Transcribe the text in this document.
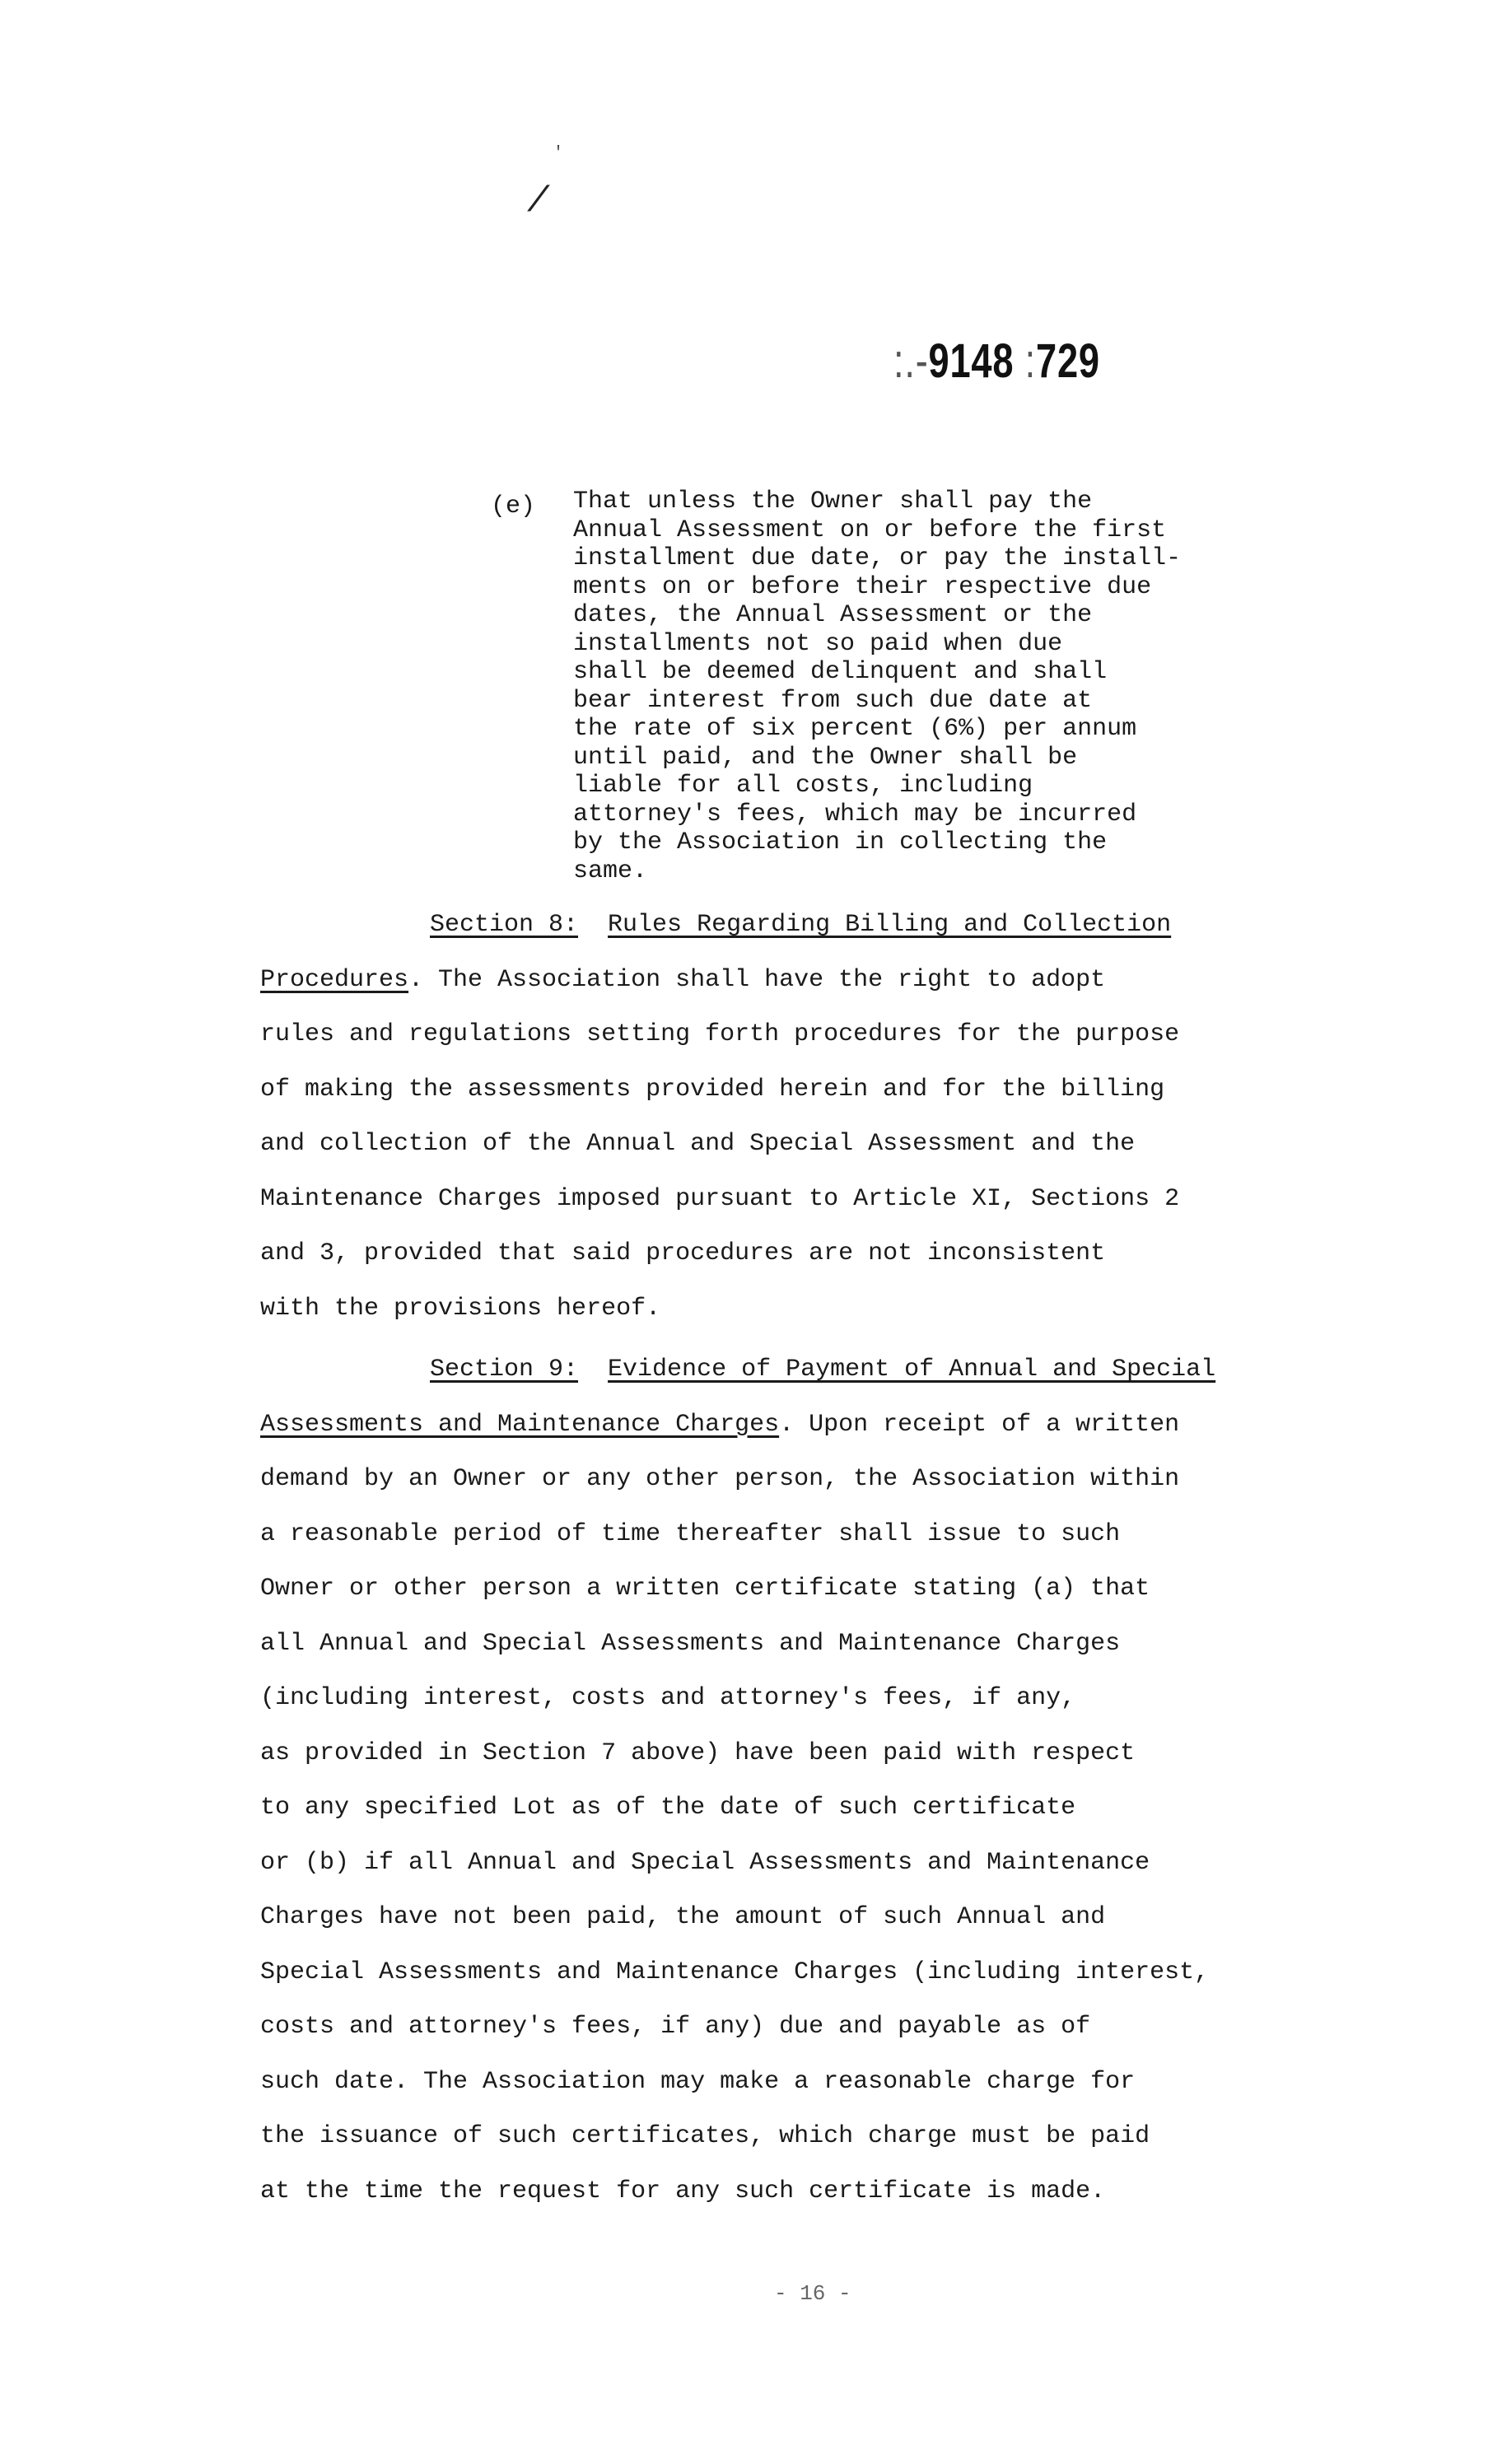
'
/
:.-9148 :729
(e) That unless the Owner shall pay the
Annual Assessment on or before the first
installment due date, or pay the install-
ments on or before their respective due
dates, the Annual Assessment or the
installments not so paid when due
shall be deemed delinquent and shall
bear interest from such due date at
the rate of six percent (6%) per annum
until paid, and the Owner shall be
liable for all costs, including
attorney's fees, which may be incurred
by the Association in collecting the
same.
Section 8: Rules Regarding Billing and Collection
Procedures. The Association shall have the right to adopt
rules and regulations setting forth procedures for the purpose
of making the assessments provided herein and for the billing
and collection of the Annual and Special Assessment and the
Maintenance Charges imposed pursuant to Article XI, Sections 2
and 3, provided that said procedures are not inconsistent
with the provisions hereof.
Section 9: Evidence of Payment of Annual and Special
Assessments and Maintenance Charges. Upon receipt of a written
demand by an Owner or any other person, the Association within
a reasonable period of time thereafter shall issue to such
Owner or other person a written certificate stating (a) that
all Annual and Special Assessments and Maintenance Charges
(including interest, costs and attorney's fees, if any,
as provided in Section 7 above) have been paid with respect
to any specified Lot as of the date of such certificate
or (b) if all Annual and Special Assessments and Maintenance
Charges have not been paid, the amount of such Annual and
Special Assessments and Maintenance Charges (including interest,
costs and attorney's fees, if any) due and payable as of
such date. The Association may make a reasonable charge for
the issuance of such certificates, which charge must be paid
at the time the request for any such certificate is made.
- 16 -
